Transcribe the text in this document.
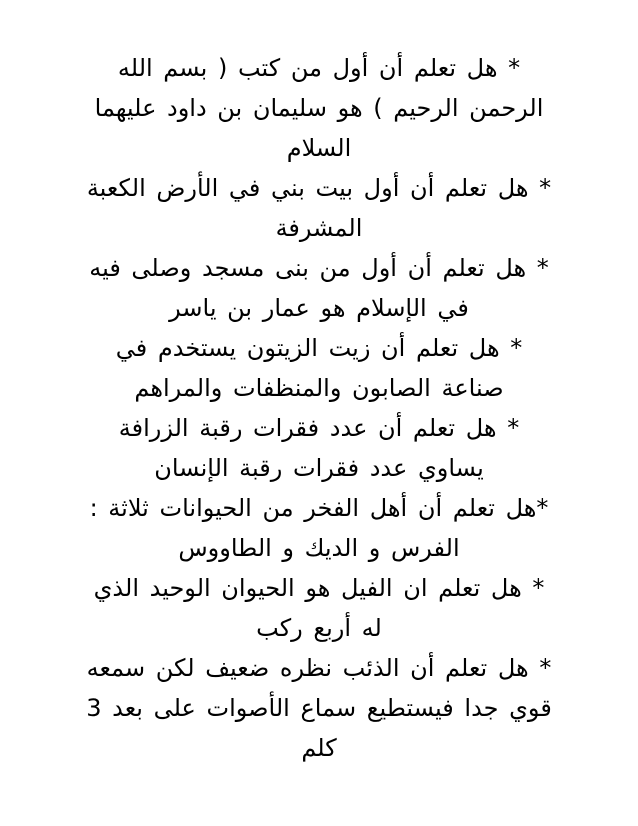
* هل تعلم أن أول من كتب ( بسم الله
الرحمن الرحيم ) هو سليمان بن داود عليهما
السلام
* هل تعلم أن أول بيت بني في الأرض الكعبة
المشرفة
* هل تعلم أن أول من بنى مسجد وصلى فيه
في الإسلام هو عمار بن ياسر
* هل تعلم أن زيت الزيتون يستخدم في
صناعة الصابون والمنظفات والمراهم
* هل تعلم أن عدد فقرات رقبة الزرافة
يساوي عدد فقرات رقبة الإنسان
*هل تعلم أن أهل الفخر من الحيوانات ثلاثة :
الفرس و الديك و الطاووس
* هل تعلم ان الفيل هو الحيوان الوحيد الذي
له أربع ركب
* هل تعلم أن الذئب نظره ضعيف لكن سمعه
قوي جدا فيستطيع سماع الأصوات على بعد 3
كلم
